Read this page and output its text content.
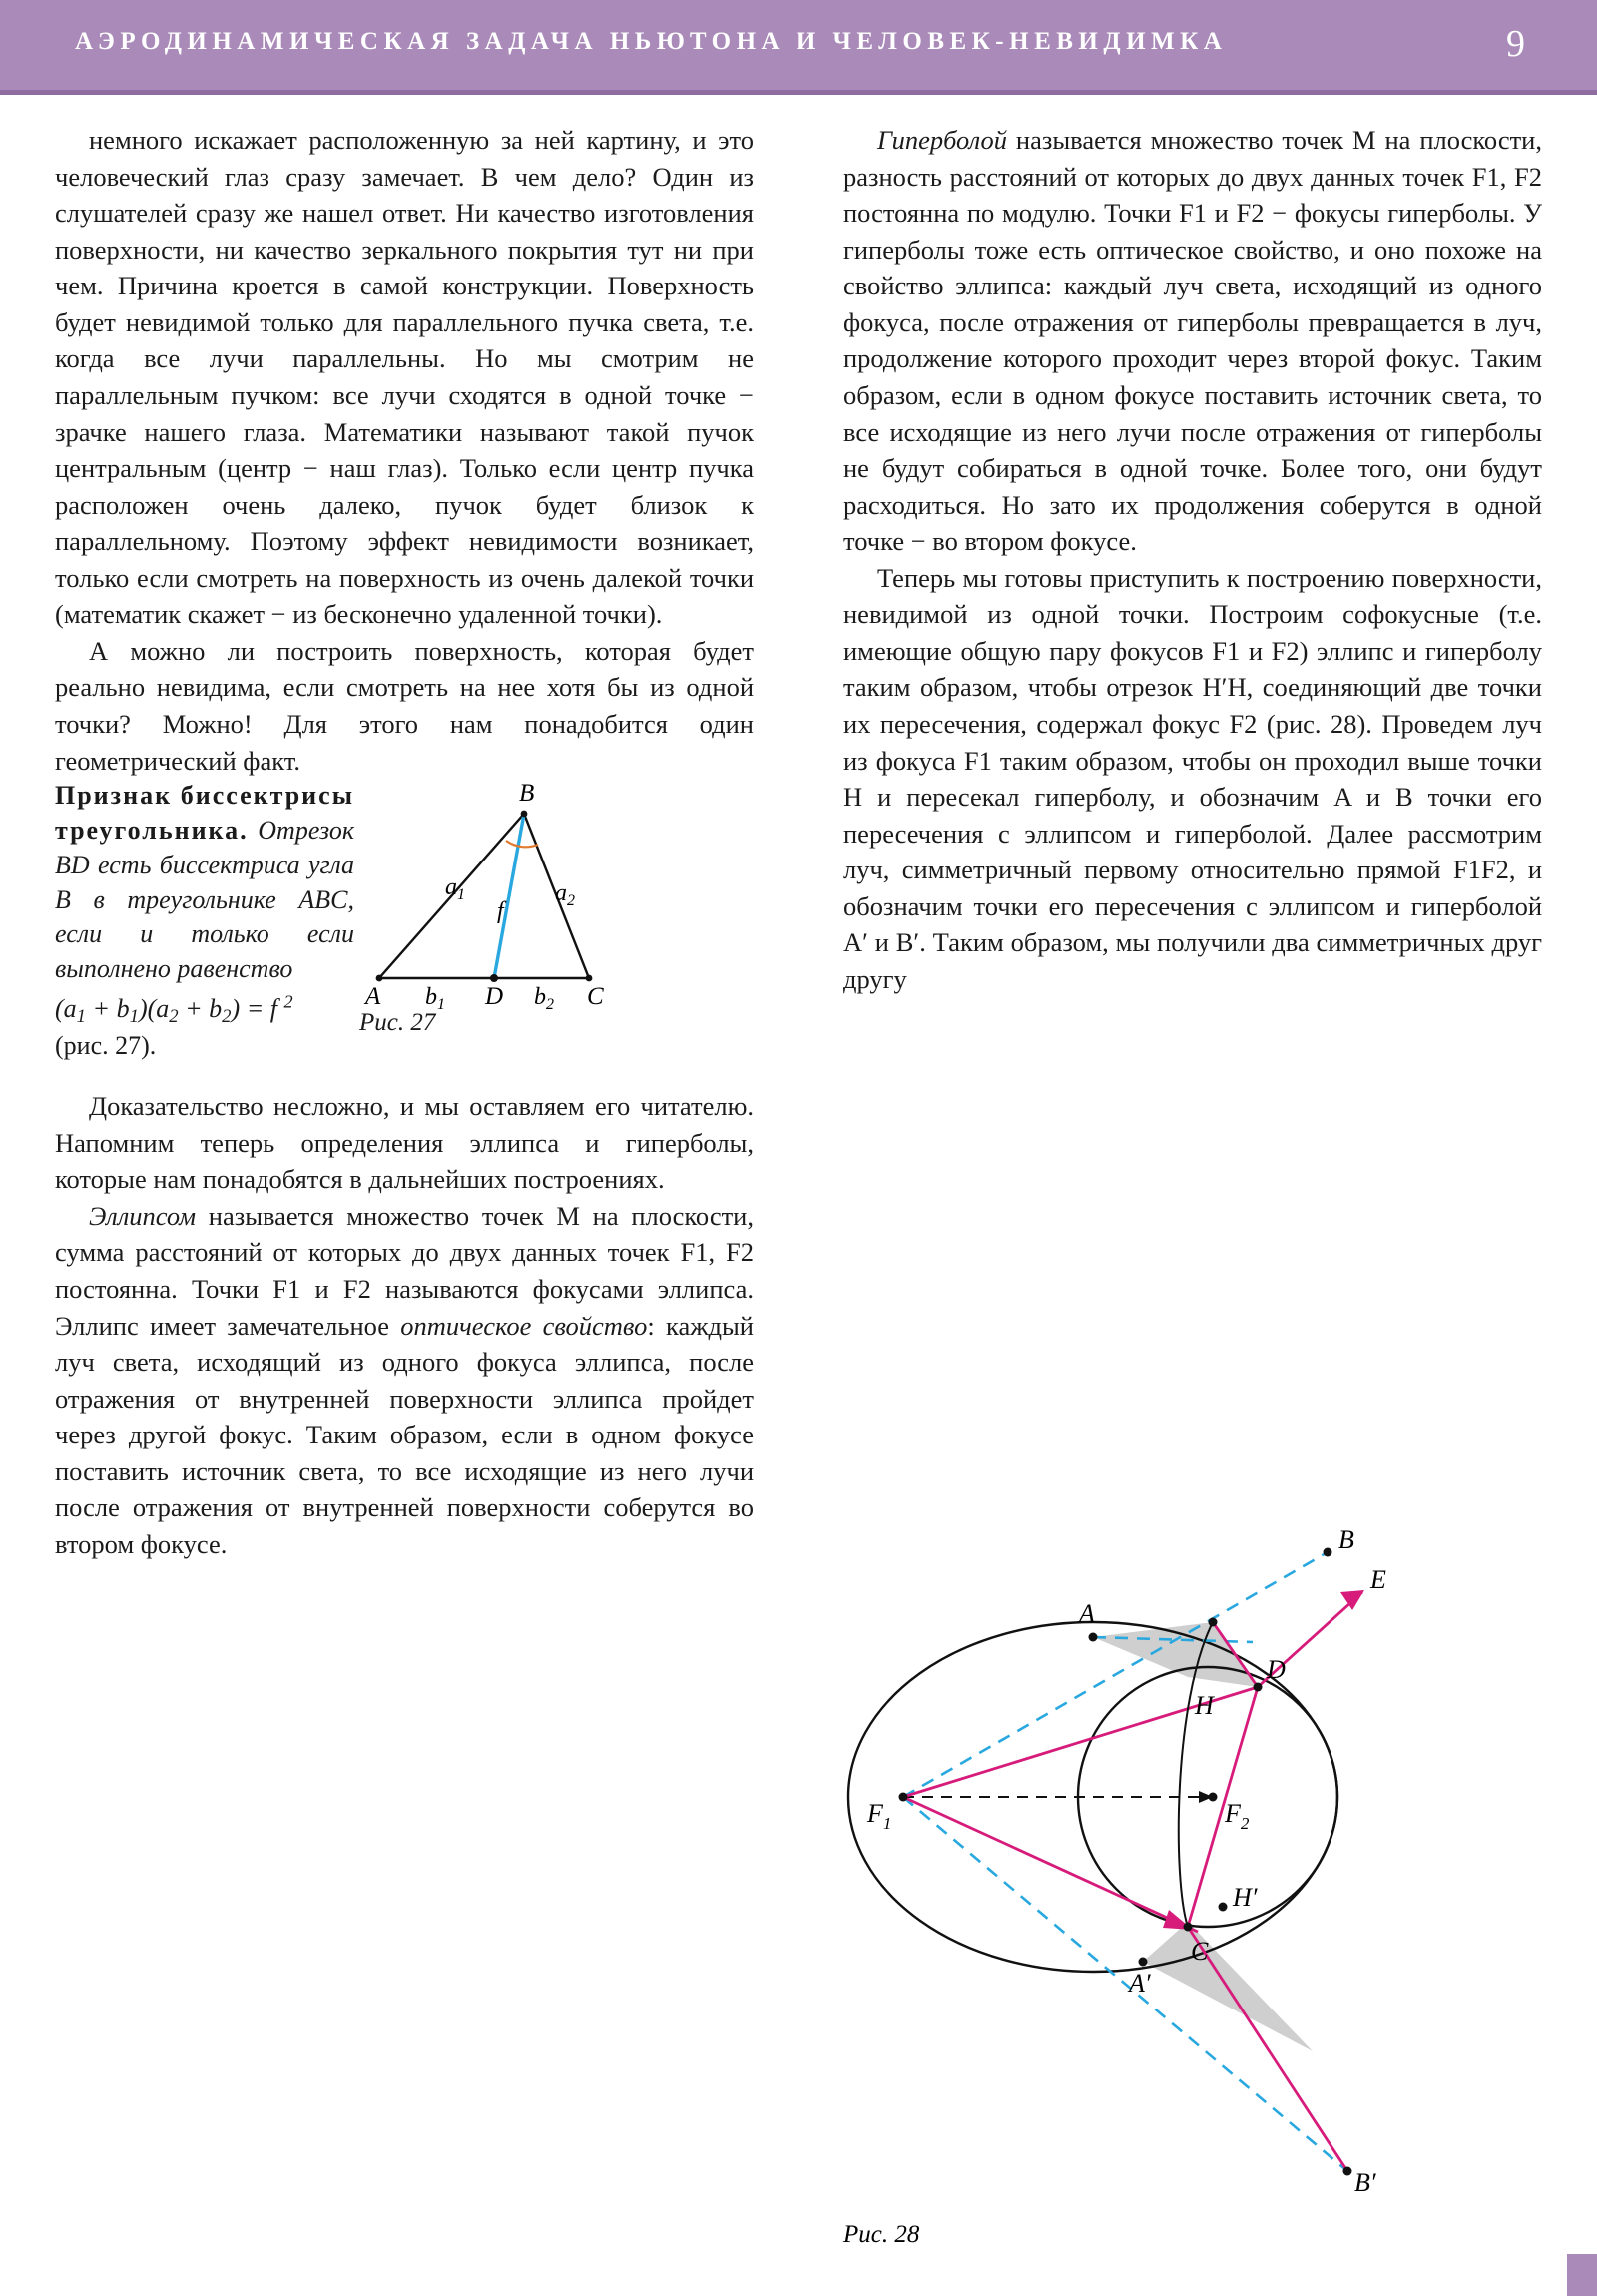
АЭРОДИНАМИЧЕСКАЯ ЗАДАЧА НЬЮТОНА И ЧЕЛОВЕК-НЕВИДИМКА	9

немного искажает расположенную за ней картину, и это человеческий глаз сразу замечает. В чем дело? Один из слушателей сразу же нашел ответ. Ни качество изготовления поверхности, ни качество зеркального покрытия тут ни при чем. Причина кроется в самой конструкции. Поверхность будет невидимой только для параллельного пучка света, т.е. когда все лучи параллельны. Но мы смотрим не параллельным пучком: все лучи сходятся в одной точке − зрачке нашего глаза. Математики называют такой пучок центральным (центр − наш глаз). Только если центр пучка расположен очень далеко, пучок будет близок к параллельному. Поэтому эффект невидимости возникает, только если смотреть на поверхность из очень далекой точки (математик скажет − из бесконечно удаленной точки).

А можно ли построить поверхность, которая будет реально невидима, если смотреть на нее хотя бы из одной точки? Можно! Для этого нам понадобится один геометрический факт.

Признак биссектрисы треугольника. Отрезок BD есть биссектриса угла B в треугольнике ABC, если и только если выполнено равенство
$(a_1 + b_1)(a_2 + b_2) = f$ $^2$
(рис. 27).
B
A	C
D
$a_1$	$a_2$
$b_1$	$b_2$
f
Рис. 27

Доказательство несложно, и мы оставляем его читателю. Напомним теперь определения эллипса и гиперболы, которые нам понадобятся в дальнейших построениях.

Эллипсом называется множество точек M на плоскости, сумма расстояний от которых до двух данных точек F1, F2 постоянна. Точки F1 и F2 называются фокусами эллипса. Эллипс имеет замечательное оптическое свойство: каждый луч света, исходящий из одного фокуса эллипса, после отражения от внутренней поверхности эллипса пройдет через другой фокус. Таким образом, если в одном фокусе поставить источник света, то все исходящие из него лучи после отражения от внутренней поверхности соберутся во втором фокусе.

Гиперболой называется множество точек M на плоскости, разность расстояний от которых до двух данных точек F1, F2 постоянна по модулю. Точки F1 и F2 − фокусы гиперболы. У гиперболы тоже есть оптическое свойство, и оно похоже на свойство эллипса: каждый луч света, исходящий из одного фокуса, после отражения от гиперболы превращается в луч, продолжение которого проходит через второй фокус. Таким образом, если в одном фокусе поставить источник света, то все исходящие из него лучи после отражения от гиперболы не будут собираться в одной точке. Более того, они будут расходиться. Но зато их продолжения соберутся в одной точке − во втором фокусе.

Теперь мы готовы приступить к построению поверхности, невидимой из одной точки. Построим софокусные (т.е. имеющие общую пару фокусов F1 и F2) эллипс и гиперболу таким образом, чтобы отрезок H′H, соединяющий две точки их пересечения, содержал фокус F2 (рис. 28). Проведем луч из фокуса F1 таким образом, чтобы он проходил выше точки H и пересекал гиперболу, и обозначим A и B точки его пересечения с эллипсом и гиперболой. Далее рассмотрим луч, симметричный первому относительно прямой F1F2, и обозначим точки его пересечения с эллипсом и гиперболой A′ и B′. Таким образом, мы получили два симметричных друг другу

B
E
A
D
H
$F_1$	$F_2$
H′
C
A′
B′
Рис. 28
